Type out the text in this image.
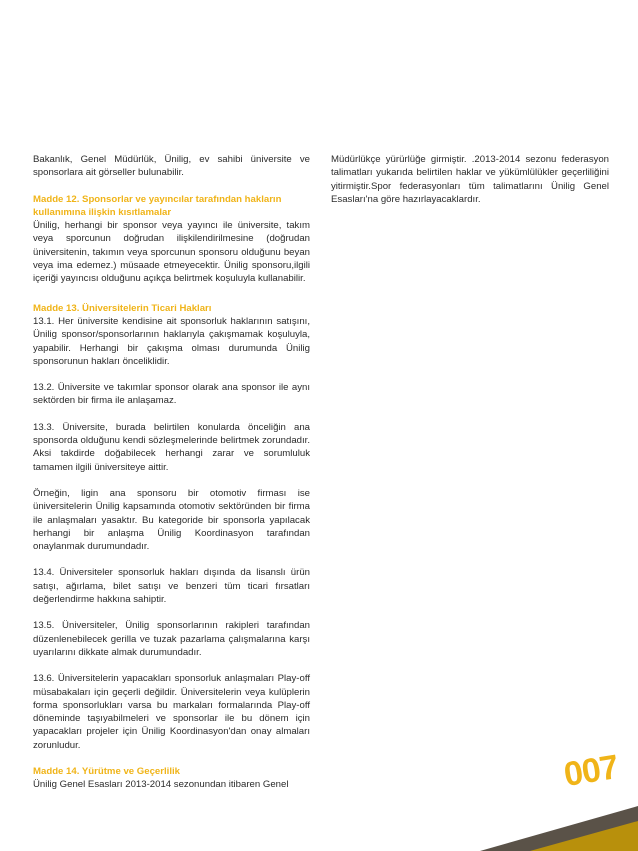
Bakanlık, Genel Müdürlük, Ünilig, ev sahibi üniversite ve sponsorlara ait görseller bulunabilir.

Madde 12. Sponsorlar ve yayıncılar tarafından hakların kullanımına ilişkin kısıtlamalar

Ünilig, herhangi bir sponsor veya yayıncı ile üniversite, takım veya sporcunun doğrudan ilişkilendirilmesine (doğrudan üniversitenin, takımın veya sporcunun sponsoru olduğunu beyan veya ima edemez.) müsaade etmeyecektir. Ünilig sponsoru,ilgili içeriği yayıncısı olduğunu açıkça belirtmek koşuluyla kullanabilir.

Madde 13. Üniversitelerin Ticari Hakları

13.1. Her üniversite kendisine ait sponsorluk haklarının satışını, Ünilig sponsor/sponsorlarının haklarıyla çakışmamak koşuluyla, yapabilir. Herhangi bir çakışma olması durumunda Ünilig sponsorunun hakları önceliklidir.

13.2. Üniversite ve takımlar sponsor olarak ana sponsor ile aynı sektörden bir firma ile anlaşamaz.

13.3. Üniversite, burada belirtilen konularda önceliğin ana sponsorda olduğunu kendi sözleşmelerinde belirtmek zorundadır. Aksi takdirde doğabilecek herhangi zarar ve sorumluluk tamamen ilgili üniversiteye aittir.

Örneğin, ligin ana sponsoru bir otomotiv firması ise üniversitelerin Ünilig kapsamında otomotiv sektöründen bir firma ile anlaşmaları yasaktır. Bu kategoride bir sponsorla yapılacak herhangi bir anlaşma Ünilig Koordinasyon tarafından onaylanmak durumundadır.

13.4. Üniversiteler sponsorluk hakları dışında da lisanslı ürün satışı, ağırlama, bilet satışı ve benzeri tüm ticari fırsatları değerlendirme hakkına sahiptir.

13.5. Üniversiteler, Ünilig sponsorlarının rakipleri tarafından düzenlenebilecek gerilla ve tuzak pazarlama çalışmalarına karşı uyarılarını dikkate almak durumundadır.

13.6. Üniversitelerin yapacakları sponsorluk anlaşmaları Play-off müsabakaları için geçerli değildir. Üniversitelerin veya kulüplerin forma sponsorlukları varsa bu markaları formalarında Play-off döneminde taşıyabilmeleri ve sponsorlar ile bu dönem için yapacakları projeler için Ünilig Koordinasyon'dan onay almaları zorunludur.

Madde 14. Yürütme ve Geçerlilik

Ünilig Genel Esasları 2013-2014 sezonundan itibaren Genel

Müdürlükçe yürürlüğe girmiştir. .2013-2014 sezonu federasyon talimatları yukarıda belirtilen haklar ve yükümlülükler geçerliliğini yitirmiştir.Spor federasyonları tüm talimatlarını Ünilig Genel Esasları'na göre hazırlayacaklardır.

007
